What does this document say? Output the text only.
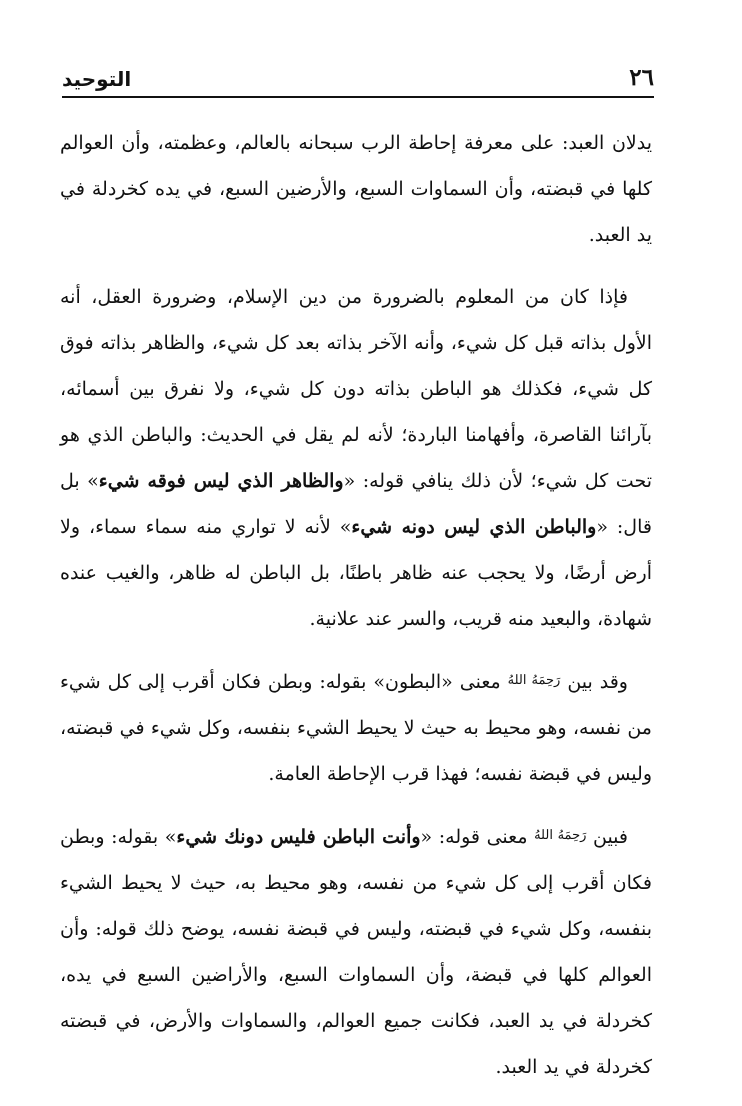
٢٦
التوحيد

يدلان العبد: على معرفة إحاطة الرب سبحانه بالعالم، وعظمته، وأن العوالم كلها في قبضته، وأن السماوات السبع، والأرضين السبع، في يده كخردلة في يد العبد.

فإذا كان من المعلوم بالضرورة من دين الإسلام، وضرورة العقل، أنه الأول بذاته قبل كل شيء، وأنه الآخر بذاته بعد كل شيء، والظاهر بذاته فوق كل شيء، فكذلك هو الباطن بذاته دون كل شيء، ولا نفرق بين أسمائه، بآرائنا القاصرة، وأفهامنا الباردة؛ لأنه لم يقل في الحديث: والباطن الذي هو تحت كل شيء؛ لأن ذلك ينافي قوله: «والظاهر الذي ليس فوقه شيء» بل قال: «والباطن الذي ليس دونه شيء» لأنه لا تواري منه سماء سماء، ولا أرض أرضًا، ولا يحجب عنه ظاهر باطنًا، بل الباطن له ظاهر، والغيب عنده شهادة، والبعيد منه قريب، والسر عند علانية.

وقد بين $^{رَحِمَهُ اللهُ}$ معنى «البطون» بقوله: وبطن فكان أقرب إلى كل شيء من نفسه، وهو محيط به حيث لا يحيط الشيء بنفسه، وكل شيء في قبضته، وليس في قبضة نفسه؛ فهذا قرب الإحاطة العامة.

فبين $^{رَحِمَهُ اللهُ}$ معنى قوله: «وأنت الباطن فليس دونك شيء» بقوله: وبطن فكان أقرب إلى كل شيء من نفسه، وهو محيط به، حيث لا يحيط الشيء بنفسه، وكل شيء في قبضته، وليس في قبضة نفسه، يوضح ذلك قوله: وأن العوالم كلها في قبضة، وأن السماوات السبع، والأراضين السبع في يده، كخردلة في يد العبد، فكانت جميع العوالم، والسماوات والأرض، في قبضته كخردلة في يد العبد.
